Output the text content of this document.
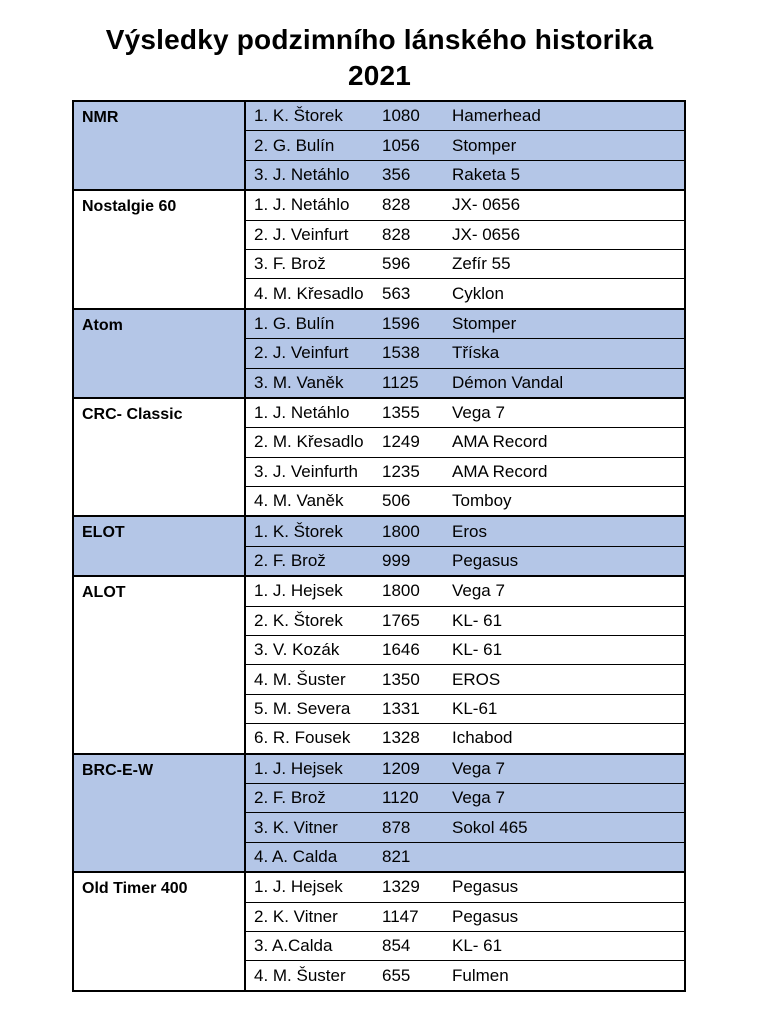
Výsledky podzimního lánského historika
2021
NMR	1. K. Štorek 1080 Hamerhead

	2. G. Bulín 1056 Stomper

	3. J. Netáhlo 356 Raketa 5

Nostalgie 60	1. J. Netáhlo 828 JX- 0656

	2. J. Veinfurt 828 JX- 0656

	3. F. Brož 596 Zefír 55

	4. M. Křesadlo 563 Cyklon

Atom	1. G. Bulín 1596 Stomper

	2. J. Veinfurt 1538 Tříska

	3. M. Vaněk 1125 Démon Vandal

CRC- Classic	1. J. Netáhlo 1355 Vega 7

	2. M. Křesadlo 1249 AMA Record

	3. J. Veinfurth 1235 AMA Record

	4. M. Vaněk 506 Tomboy

ELOT	1. K. Štorek 1800 Eros

	2. F. Brož 999 Pegasus

ALOT	1. J. Hejsek 1800 Vega 7

	2. K. Štorek 1765 KL- 61

	3. V. Kozák 1646 KL- 61

	4. M. Šuster 1350 EROS

	5. M. Severa 1331 KL-61

	6. R. Fousek 1328 Ichabod

BRC-E-W	1. J. Hejsek 1209 Vega 7

	2. F. Brož 1120 Vega 7

	3. K. Vitner 878 Sokol 465

	4. A. Calda 821

Old Timer 400	1. J. Hejsek 1329 Pegasus

	2. K. Vitner 1147 Pegasus

	3. A.Calda 854 KL- 61

	4. M. Šuster 655 Fulmen
